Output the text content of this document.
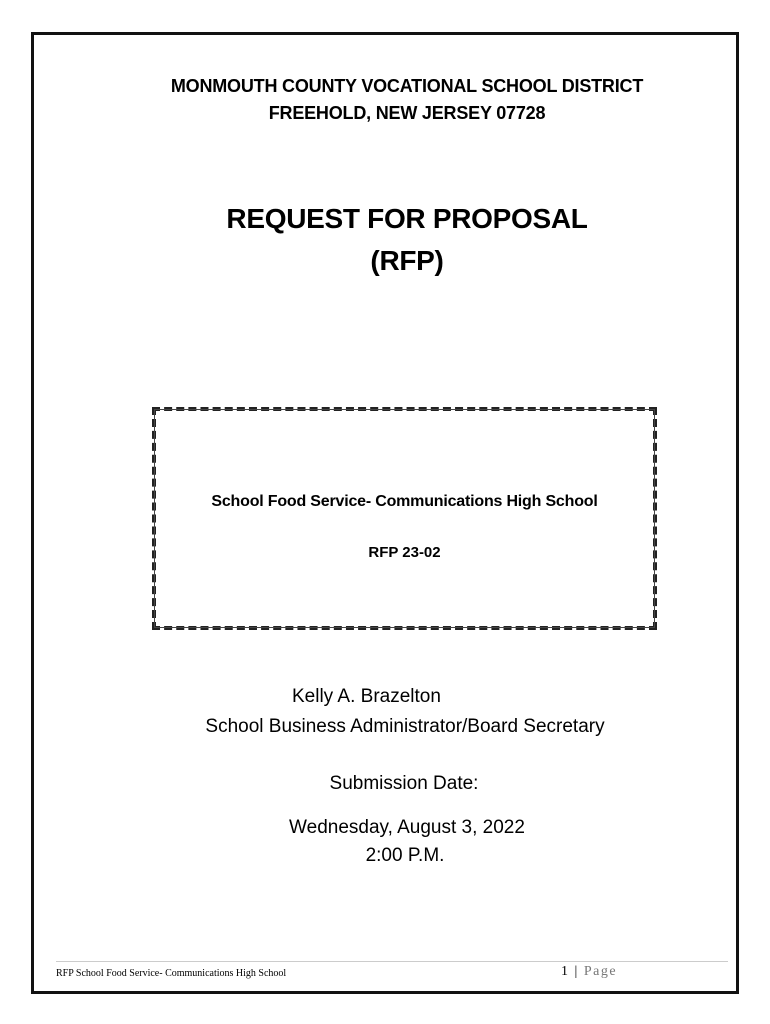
MONMOUTH COUNTY VOCATIONAL SCHOOL DISTRICT
FREEHOLD, NEW JERSEY 07728
REQUEST FOR PROPOSAL
(RFP)
School Food Service- Communications High School
RFP 23-02
Kelly A. Brazelton
School Business Administrator/Board Secretary
Submission Date:
Wednesday, August 3, 2022
2:00 P.M.
RFP School Food Service- Communications High School	1 | Page
